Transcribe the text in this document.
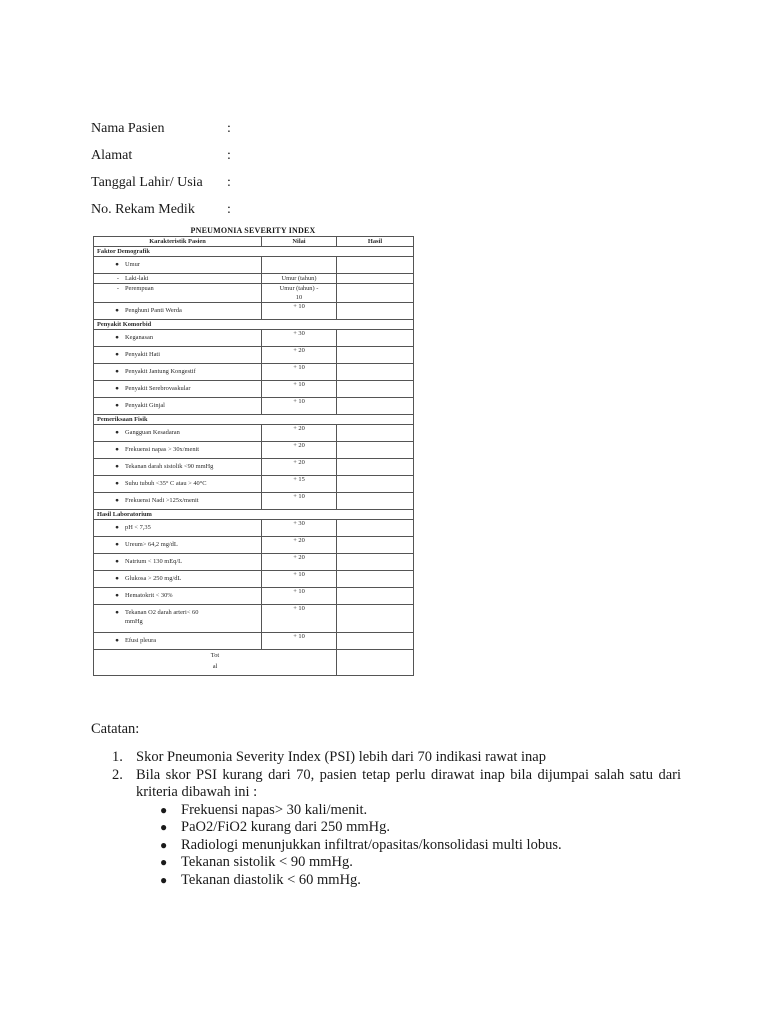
Nama Pasien	:
Alamat	:
Tanggal Lahir/ Usia :
No. Rekam Medik :
PNEUMONIA SEVERITY INDEX
Karakteristik Pasien	Nilai	Hasil
Faktor Demografik		
● Umur		
- Laki-laki	Umur (tahun)	
- Perempuan	Umur (tahun) -
10	

● Penghuni Panti Werda	+ 10	
Penyakit Komorbid		
● Keganasan	+ 30	
● Penyakit Hati	+ 20	
● Penyakit Jantung Kongestif	+ 10	
● Penyakit Serebrovaskular	+ 10	
● Penyakit Ginjal	+ 10	
Pemeriksaan Fisik		
● Gangguan Kesadaran	+ 20	
● Frekuensi napas > 30x/menit	+ 20	
● Tekanan darah sistolik <90 mmHg	+ 20	
● Suhu tubuh <35° C atau > 40°C	+ 15	
● Frekuensi Nadi >125x/menit	+ 10	
Hasil Laboratorium		
● pH < 7,35	+ 30	
● Ureum> 64,2 mg/dL	+ 20	
● Natrium < 130 mEq/L	+ 20	
● Glukosa > 250 mg/dL	+ 10	
● Hematokrit < 30%	+ 10	
● Tekanan O2 darah arteri< 60
mmHg	+ 10	
● Efusi pleura	+ 10	

Tot
al		

Catatan:
1. Skor Pneumonia Severity Index (PSI) lebih dari 70 indikasi rawat inap
2. Bila skor PSI kurang dari 70, pasien tetap perlu dirawat inap bila dijumpai salah satu dari kriteria dibawah ini :
● Frekuensi napas> 30 kali/menit.
● PaO2/FiO2 kurang dari 250 mmHg.
● Radiologi menunjukkan infiltrat/opasitas/konsolidasi multi lobus.
● Tekanan sistolik < 90 mmHg.
● Tekanan diastolik < 60 mmHg.
